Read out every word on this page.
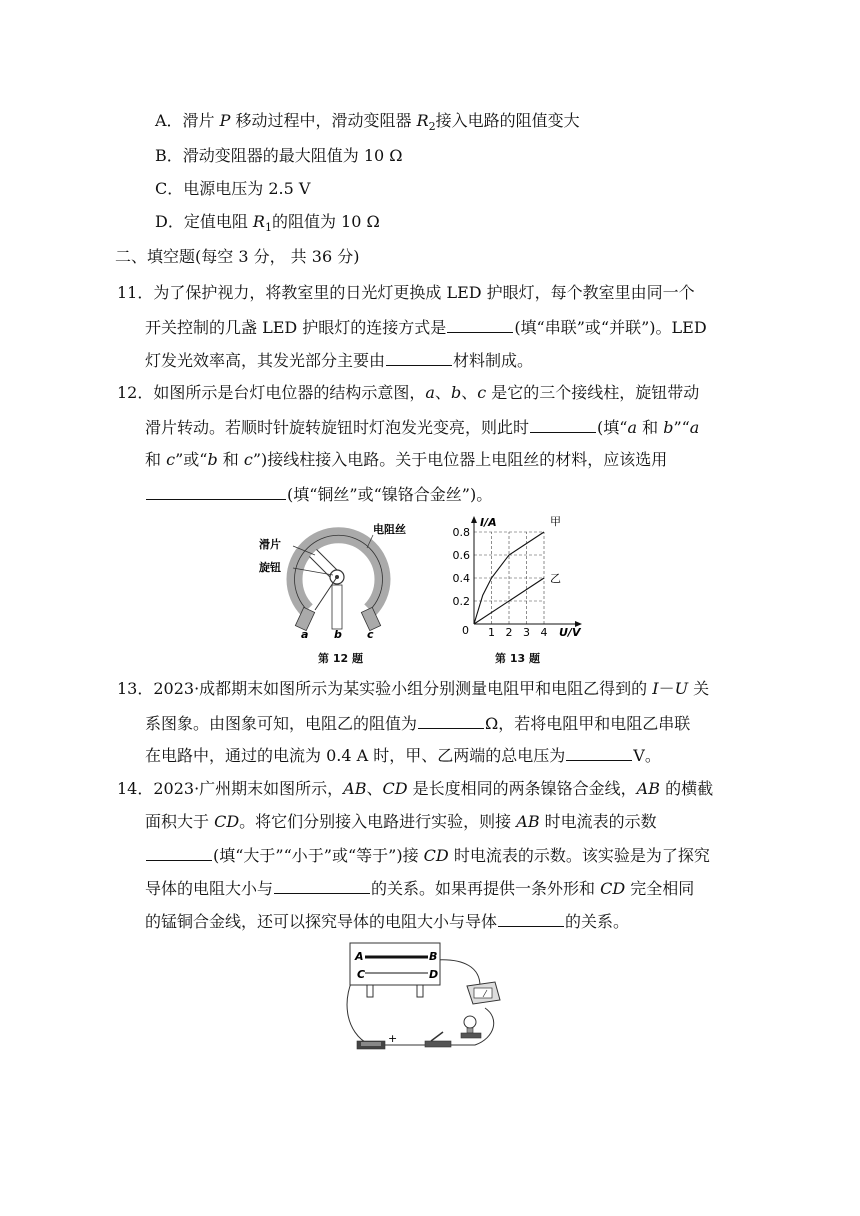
A．滑片 P 移动过程中，滑动变阻器 $R_2$接入电路的阻值变大
B．滑动变阻器的最大阻值为 10 Ω
C．电源电压为 2.5 V
D．定值电阻 $R_1$的阻值为 10 Ω
二、填空题(每空 3 分， 共 36 分)
11．为了保护视力，将教室里的日光灯更换成 LED 护眼灯，每个教室里由同一个
开关控制的几盏 LED 护眼灯的连接方式是	(填“串联”或“并联”)。LED
灯发光效率高，其发光部分主要由	材料制成。
12．如图所示是台灯电位器的结构示意图，a、b、c 是它的三个接线柱，旋钮带动
滑片转动。若顺时针旋转旋钮时灯泡发光变亮，则此时	(填“a 和 b”“a
和 c”或“b 和 c”)接线柱接入电路。关于电位器上电阻丝的材料，应该选用
(填“铜丝”或“镍铬合金丝”)。
电阻丝
滑片
旋钮
a b c
第 12 题
I/A
U/V
0
0.2
0.4
0.6
0.8
1 2 3 4
甲
乙
第 13 题
13．2023·成都期末如图所示为某实验小组分别测量电阻甲和电阻乙得到的 I－U 关
系图象。由图象可知，电阻乙的阻值为	Ω，若将电阻甲和电阻乙串联
在电路中，通过的电流为 0.4 A 时，甲、乙两端的总电压为	V。
14．2023·广州期末如图所示，AB、CD 是长度相同的两条镍铬合金线，AB 的横截
面积大于 CD。将它们分别接入电路进行实验，则接 AB 时电流表的示数
(填“大于”“小于”或“等于”)接 CD 时电流表的示数。该实验是为了探究
导体的电阻大小与	的关系。如果再提供一条外形和 CD 完全相同
的锰铜合金线，还可以探究导体的电阻大小与导体	的关系。
A	B
C	D
+
